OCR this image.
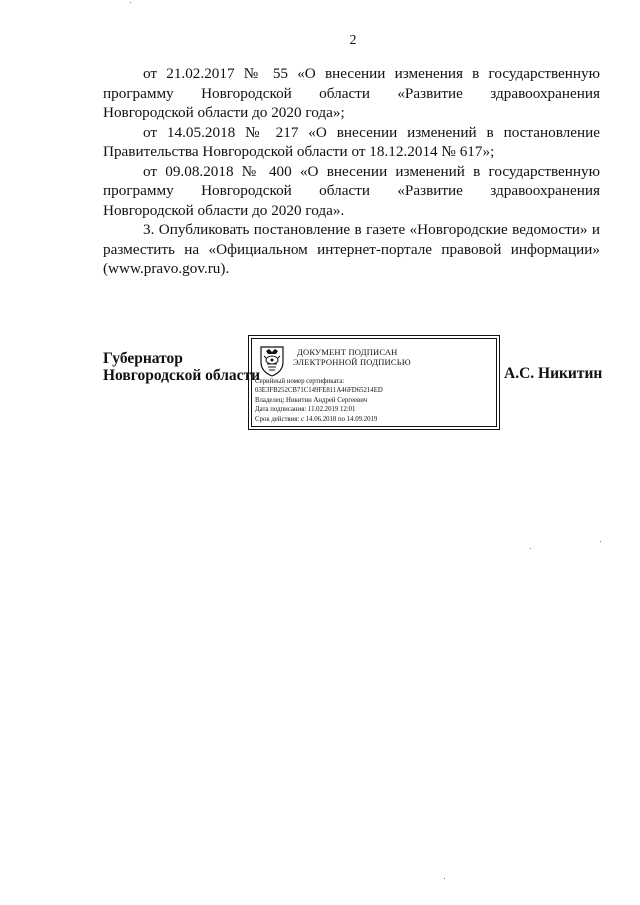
2

от 21.02.2017 № 55 «О внесении изменения в государственную программу Новгородской области «Развитие здравоохранения Новгородской области до 2020 года»;

от 14.05.2018 № 217 «О внесении изменений в постановление Правительства Новгородской области от 18.12.2014 № 617»;

от 09.08.2018 № 400 «О внесении изменений в государственную программу Новгородской области «Развитие здравоохранения Новгородской области до 2020 года».

3. Опубликовать постановление в газете «Новгородские ведомости» и разместить на «Официальном интернет-портале правовой информации» (www.pravo.gov.ru).

Губернатор
Новгородской области
ДОКУМЕНТ ПОДПИСАН
ЭЛЕКТРОННОЙ ПОДПИСЬЮ
Серийный номер сертификата:
03E3FB252CB71C149FE811A46FD65214ED
Владелец: Никитин Андрей Сергеевич
Дата подписания: 11.02.2019 12:01
Срок действия: с 14.06.2018 по 14.09.2019
А.С. Никитин
